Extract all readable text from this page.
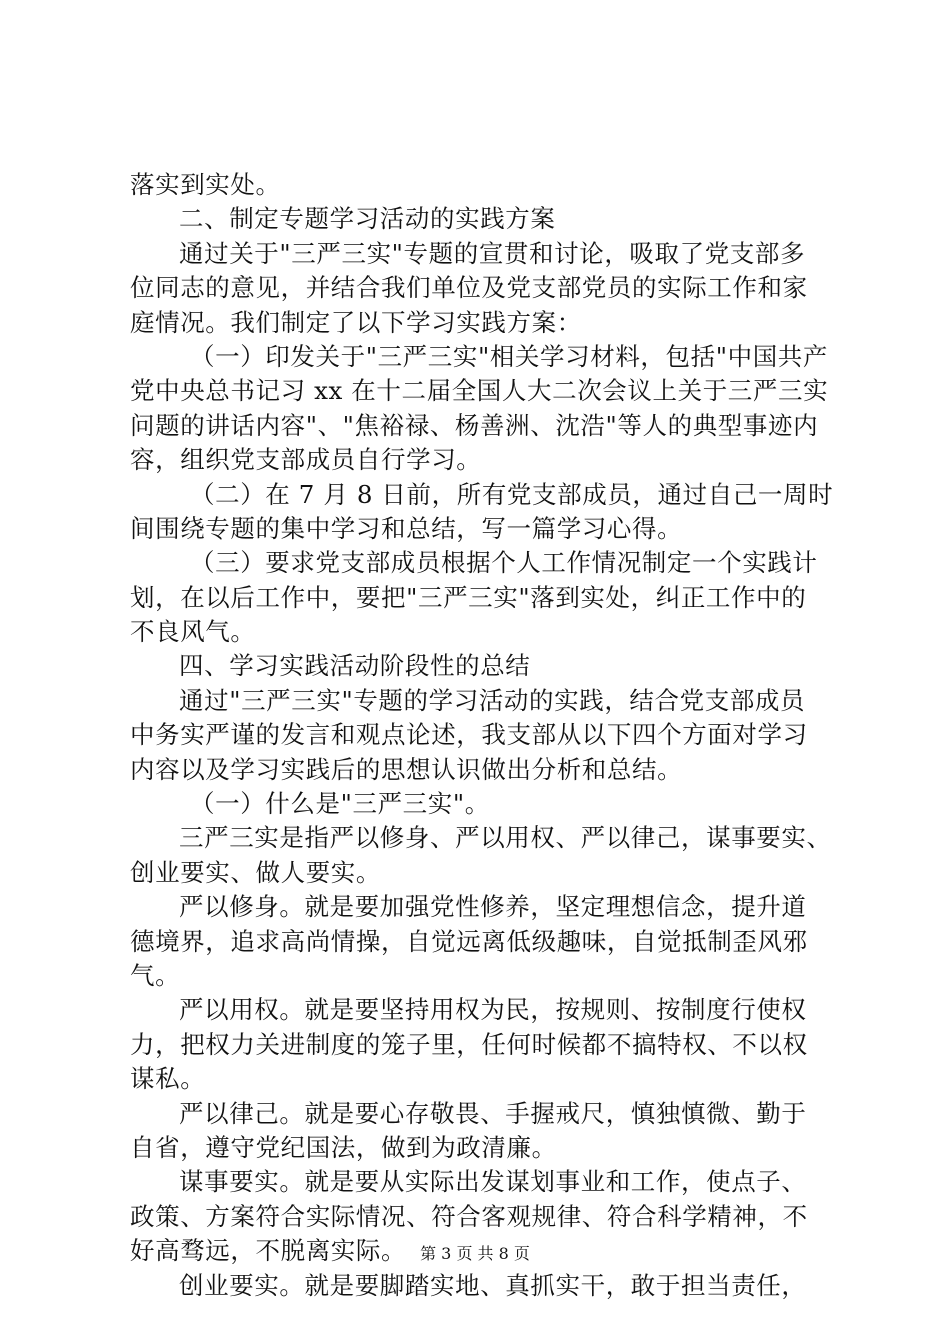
落实到实处。
二、制定专题学习活动的实践方案
通过关于"三严三实"专题的宣贯和讨论，吸取了党支部多
位同志的意见，并结合我们单位及党支部党员的实际工作和家
庭情况。我们制定了以下学习实践方案：
（一）印发关于"三严三实"相关学习材料，包括"中国共产
党中央总书记习 xx 在十二届全国人大二次会议上关于三严三实
问题的讲话内容"、"焦裕禄、杨善洲、沈浩"等人的典型事迹内
容，组织党支部成员自行学习。
（二）在 7 月 8 日前，所有党支部成员，通过自己一周时
间围绕专题的集中学习和总结，写一篇学习心得。
（三）要求党支部成员根据个人工作情况制定一个实践计
划，在以后工作中，要把"三严三实"落到实处，纠正工作中的
不良风气。
四、学习实践活动阶段性的总结
通过"三严三实"专题的学习活动的实践，结合党支部成员
中务实严谨的发言和观点论述，我支部从以下四个方面对学习
内容以及学习实践后的思想认识做出分析和总结。
（一）什么是"三严三实"。
三严三实是指严以修身、严以用权、严以律己，谋事要实、
创业要实、做人要实。
严以修身。就是要加强党性修养，坚定理想信念，提升道
德境界，追求高尚情操，自觉远离低级趣味，自觉抵制歪风邪
气。
严以用权。就是要坚持用权为民，按规则、按制度行使权
力，把权力关进制度的笼子里，任何时候都不搞特权、不以权
谋私。
严以律己。就是要心存敬畏、手握戒尺，慎独慎微、勤于
自省，遵守党纪国法，做到为政清廉。
谋事要实。就是要从实际出发谋划事业和工作，使点子、
政策、方案符合实际情况、符合客观规律、符合科学精神，不
好高骛远，不脱离实际。
创业要实。就是要脚踏实地、真抓实干，敢于担当责任，
第 3 页 共 8 页
